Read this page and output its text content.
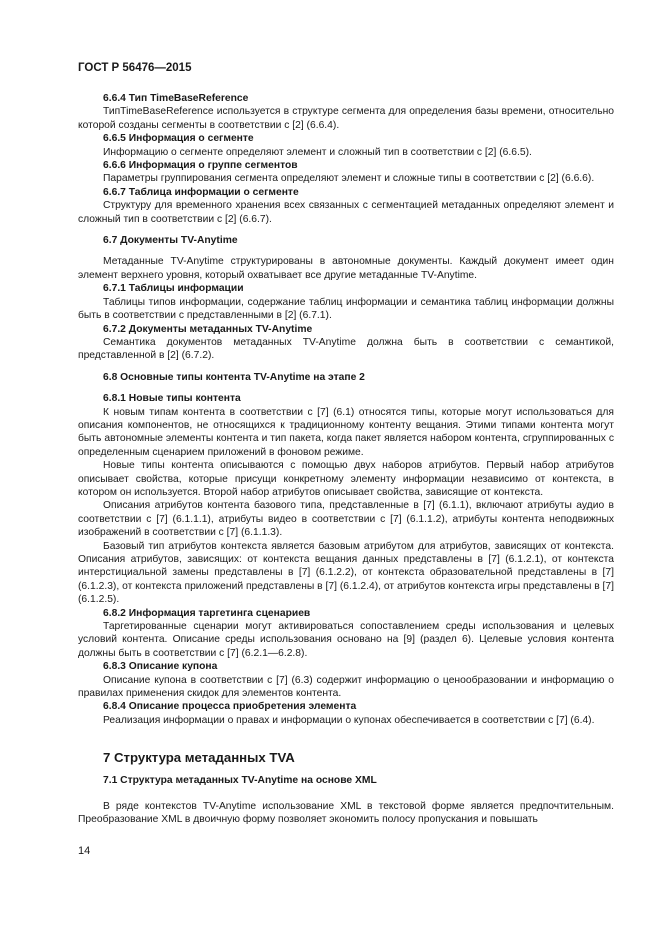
ГОСТ Р 56476—2015

6.6.4 Тип TimeBaseReference

ТипTimeBaseReference используется в структуре сегмента для определения базы времени, относительно которой созданы сегменты в соответствии с [2] (6.6.4).

6.6.5 Информация о сегменте

Информацию о сегменте определяют элемент и сложный тип в соответствии с [2] (6.6.5).

6.6.6 Информация о группе сегментов

Параметры группирования сегмента определяют элемент и сложные типы в соответствии с [2] (6.6.6).

6.6.7 Таблица информации о сегменте

Структуру для временного хранения всех связанных с сегментацией метаданных определяют элемент и сложный тип в соответствии с [2] (6.6.7).

6.7 Документы TV-Anytime

Метаданные TV-Anytime структурированы в автономные документы. Каждый документ имеет один элемент верхнего уровня, который охватывает все другие метаданные TV-Anytime.

6.7.1 Таблицы информации

Таблицы типов информации, содержание таблиц информации и семантика таблиц информации должны быть в соответствии с представленными в [2] (6.7.1).

6.7.2 Документы метаданных TV-Anytime

Семантика документов метаданных TV-Anytime должна быть в соответствии с семантикой, представленной в [2] (6.7.2).

6.8 Основные типы контента TV-Anytime на этапе 2

6.8.1 Новые типы контента

К новым типам контента в соответствии с [7] (6.1) относятся типы, которые могут использоваться для описания компонентов, не относящихся к традиционному контенту вещания. Этими типами контента могут быть автономные элементы контента и тип пакета, когда пакет является набором контента, сгруппированных с определенным сценарием приложений в фоновом режиме.

Новые типы контента описываются с помощью двух наборов атрибутов. Первый набор атрибутов описывает свойства, которые присущи конкретному элементу информации независимо от контекста, в котором он используется. Второй набор атрибутов описывает свойства, зависящие от контекста.

Описания атрибутов контента базового типа, представленные в [7] (6.1.1), включают атрибуты аудио в соответствии с [7] (6.1.1.1), атрибуты видео в соответствии с [7] (6.1.1.2), атрибуты контента неподвижных изображений в соответствии с [7] (6.1.1.3).

Базовый тип атрибутов контекста является базовым атрибутом для атрибутов, зависящих от контекста. Описания атрибутов, зависящих: от контекста вещания данных представлены в [7] (6.1.2.1), от контекста интерстициальной замены представлены в [7] (6.1.2.2), от контекста образовательной представлены в [7] (6.1.2.3), от контекста приложений представлены в [7] (6.1.2.4), от атрибутов контекста игры представлены в [7] (6.1.2.5).

6.8.2 Информация таргетинга сценариев

Таргетированные сценарии могут активироваться сопоставлением среды использования и целевых условий контента. Описание среды использования основано на [9] (раздел 6). Целевые условия контента должны быть в соответствии с [7] (6.2.1—6.2.8).

6.8.3 Описание купона

Описание купона в соответствии с [7] (6.3) содержит информацию о ценообразовании и информацию о правилах применения скидок для элементов контента.

6.8.4 Описание процесса приобретения элемента

Реализация информации о правах и информации о купонах обеспечивается в соответствии с [7] (6.4).

7 Структура метаданных TVA

7.1 Структура метаданных TV-Anytime на основе XML

В ряде контекстов TV-Anytime использование XML в текстовой форме является предпочтительным. Преобразование XML в двоичную форму позволяет экономить полосу пропускания и повышать

14
